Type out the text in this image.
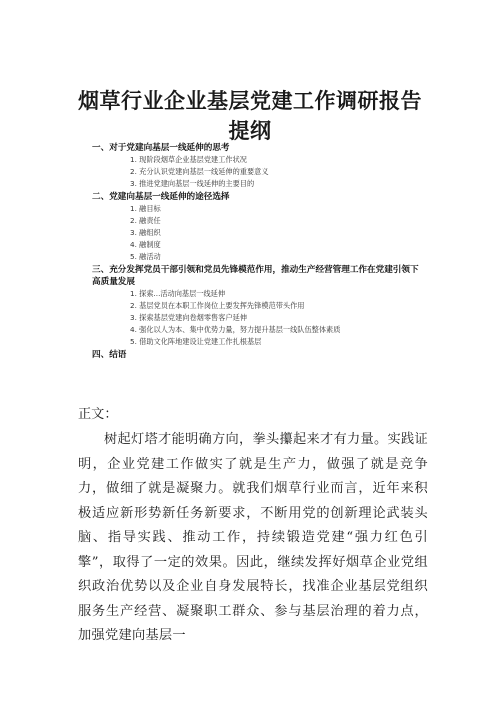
烟草行业企业基层党建工作调研报告
提纲
一、对于党建向基层一线延伸的思考
1. 现阶段烟草企业基层党建工作状况
2. 充分认识党建向基层一线延伸的重要意义
3. 推进党建向基层一线延伸的主要目的
二、党建向基层一线延伸的途径选择
1. 融目标
2. 融责任
3. 融组织
4. 融制度
5. 融活动
三、充分发挥党员干部引领和党员先锋模范作用，推动生产经营管理工作在党建引领下高质量发展
1. 探索...活动向基层一线延伸
2. 基层党员在本职工作岗位上要发挥先锋模范带头作用
3. 探索基层党建向卷烟零售客户延伸
4. 强化以人为本、集中优势力量，努力提升基层一线队伍整体素质
5. 借助文化阵地建设让党建工作扎根基层
四、结语
正文：
树起灯塔才能明确方向，拳头攥起来才有力量。实践证明，企业党建工作做实了就是生产力，做强了就是竞争力，做细了就是凝聚力。就我们烟草行业而言，近年来积极适应新形势新任务新要求，不断用党的创新理论武装头脑、指导实践、推动工作，持续锻造党建“强力红色引擎”，取得了一定的效果。因此，继续发挥好烟草企业党组织政治优势以及企业自身发展特长，找准企业基层党组织服务生产经营、凝聚职工群众、参与基层治理的着力点，加强党建向基层一
